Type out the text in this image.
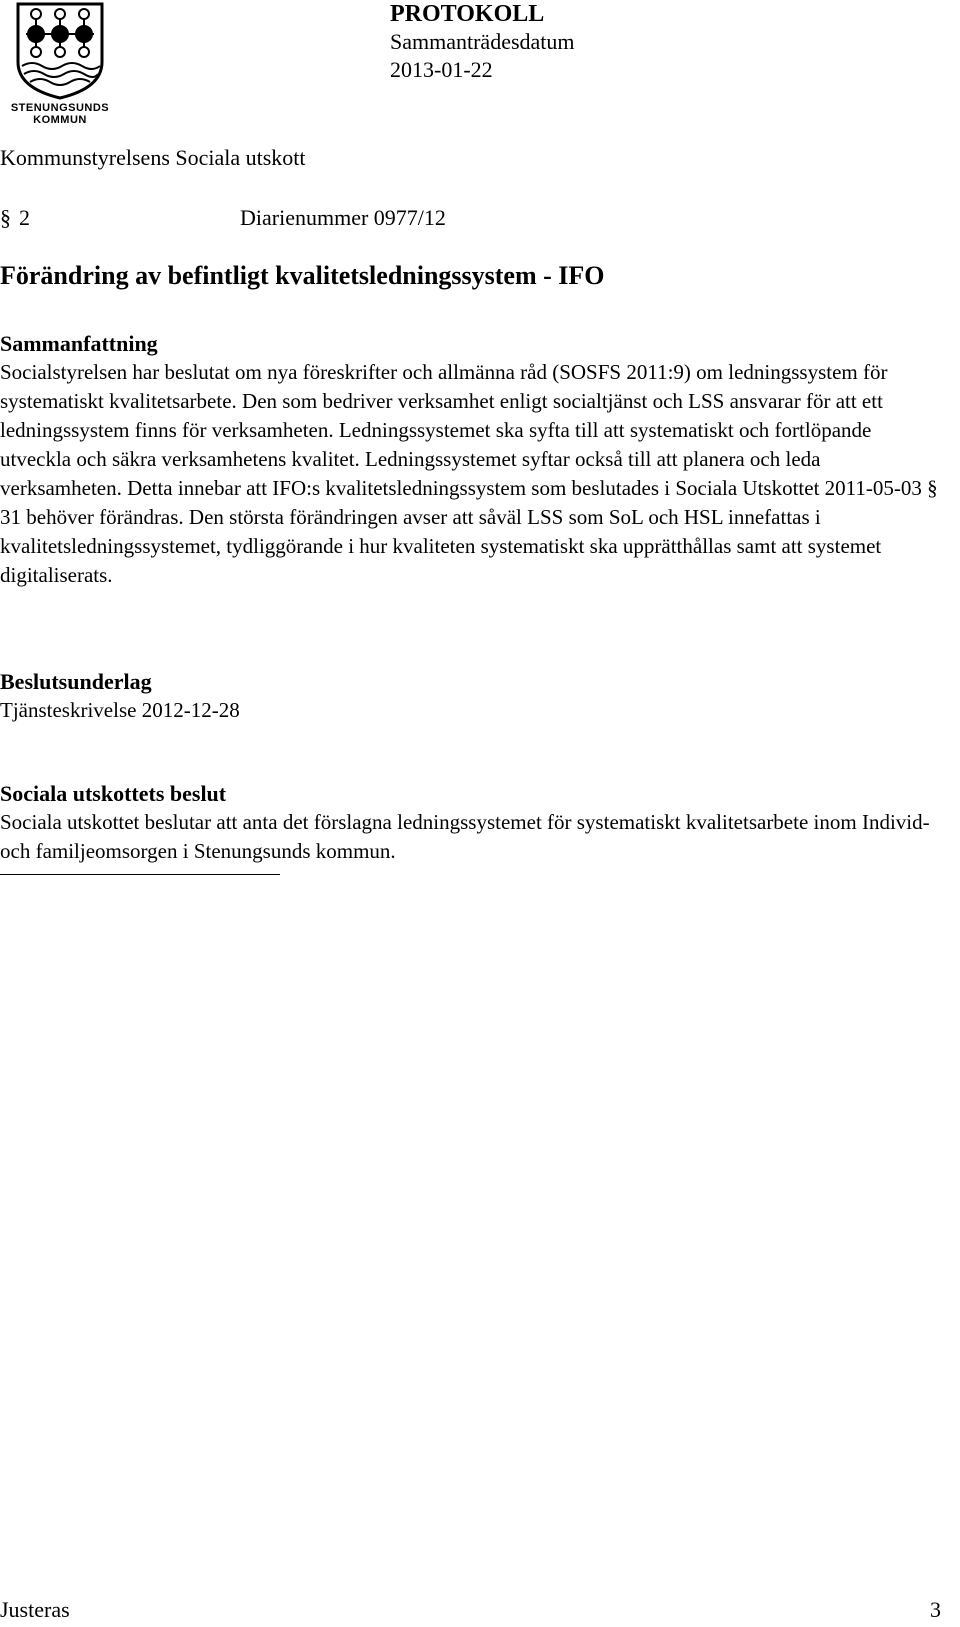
STENUNGSUNDS
KOMMUN
PROTOKOLL
Sammanträdesdatum
2013-01-22
Kommunstyrelsens Sociala utskott
§ 2	Diarienummer 0977/12
Förändring av befintligt kvalitetsledningssystem - IFO
Sammanfattning

Socialstyrelsen har beslutat om nya föreskrifter och allmänna råd (SOSFS 2011:9) om ledningssystem för systematiskt kvalitetsarbete. Den som bedriver verksamhet enligt socialtjänst och LSS ansvarar för att ett ledningssystem finns för verksamheten. Ledningssystemet ska syfta till att systematiskt och fortlöpande utveckla och säkra verksamhetens kvalitet. Ledningssystemet syftar också till att planera och leda verksamheten. Detta innebar att IFO:s kvalitetsledningssystem som beslutades i Sociala Utskottet 2011-05-03 § 31 behöver förändras. Den största förändringen avser att såväl LSS som SoL och HSL innefattas i kvalitetsledningssystemet, tydliggörande i hur kvaliteten systematiskt ska upprätthållas samt att systemet digitaliserats.

Beslutsunderlag

Tjänsteskrivelse 2012-12-28

Sociala utskottets beslut

Sociala utskottet beslutar att anta det förslagna ledningssystemet för systematiskt kvalitetsarbete inom Individ- och familjeomsorgen i Stenungsunds kommun.

Justeras	3
